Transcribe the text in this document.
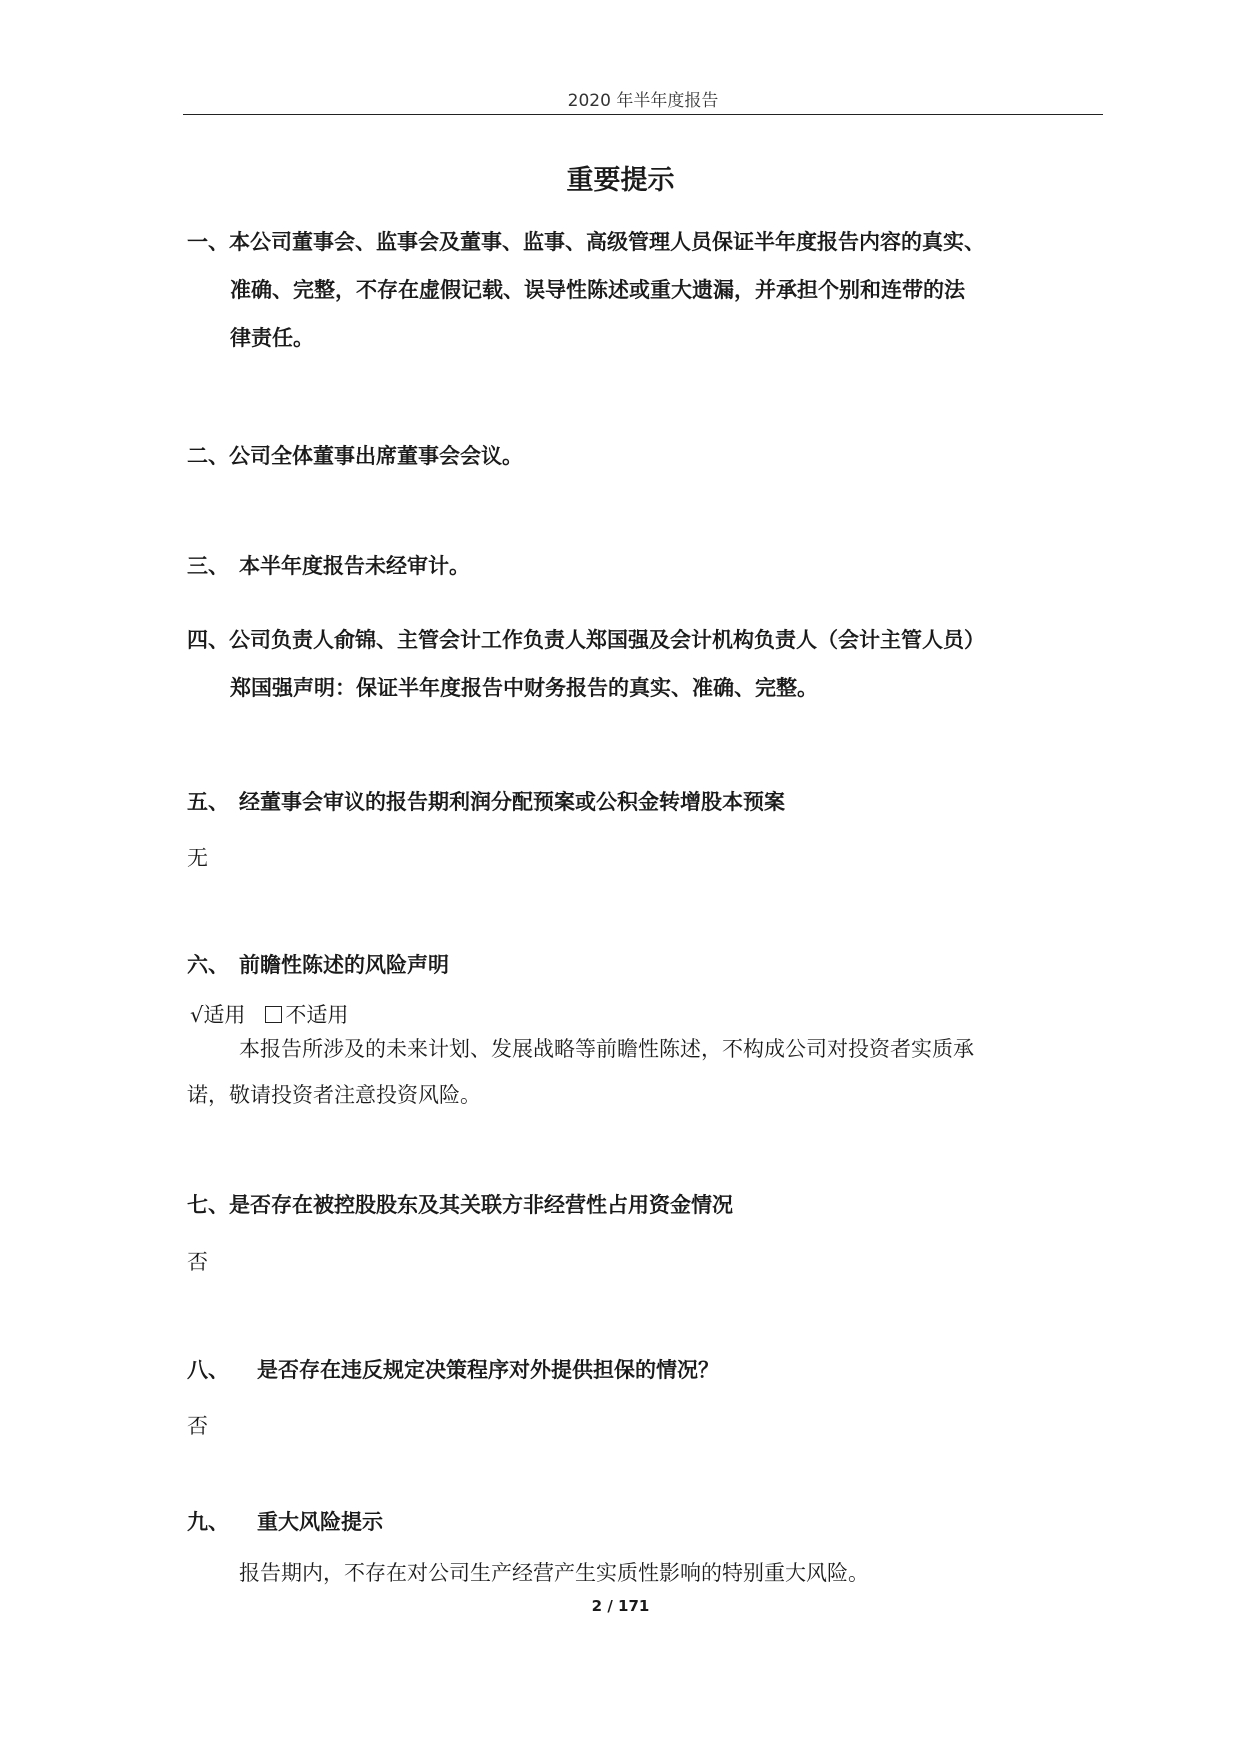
2020 年半年度报告
重要提示
一、本公司董事会、监事会及董事、监事、高级管理人员保证半年度报告内容的真实、
准确、完整，不存在虚假记载、误导性陈述或重大遗漏，并承担个别和连带的法
律责任。
二、公司全体董事出席董事会会议。
三、 本半年度报告未经审计。
四、公司负责人俞锦、主管会计工作负责人郑国强及会计机构负责人（会计主管人员）
郑国强声明：保证半年度报告中财务报告的真实、准确、完整。
五、 经董事会审议的报告期利润分配预案或公积金转增股本预案
无
六、 前瞻性陈述的风险声明
√适用 不适用
本报告所涉及的未来计划、发展战略等前瞻性陈述，不构成公司对投资者实质承
诺，敬请投资者注意投资风险。
七、是否存在被控股股东及其关联方非经营性占用资金情况
否
八、 是否存在违反规定决策程序对外提供担保的情况？
否
九、 重大风险提示
报告期内，不存在对公司生产经营产生实质性影响的特别重大风险。
2 / 171
